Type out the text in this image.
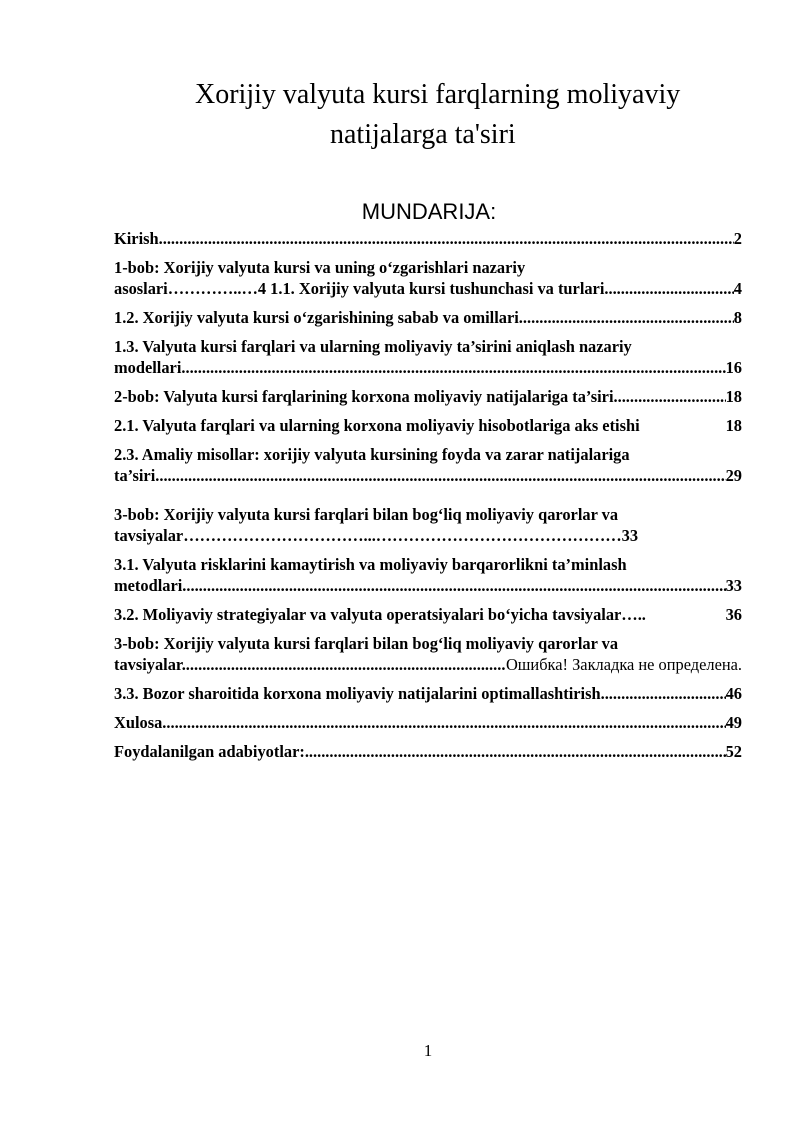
Xorijiy valyuta kursi farqlarning moliyaviy
natijalarga ta'siri
MUNDARIJA:
Kirish .....	2
1-bob: Xorijiy valyuta kursi va uning o‘zgarishlari nazariy
asoslari…………..…4 1.1. Xorijiy valyuta kursi tushunchasi va turlari .....	4
1.2. Xorijiy valyuta kursi o‘zgarishining sabab va omillari .....	8
1.3. Valyuta kursi farqlari va ularning moliyaviy ta’sirini aniqlash nazariy
modellari .....	16
2-bob: Valyuta kursi farqlarining korxona moliyaviy natijalariga ta’siri .....	18
2.1. Valyuta farqlari va ularning korxona moliyaviy hisobotlariga aks etishi	18
2.3. Amaliy misollar: xorijiy valyuta kursining foyda va zarar natijalariga
ta’siri .....	29
3-bob: Xorijiy valyuta kursi farqlari bilan bog‘liq moliyaviy qarorlar va
tavsiyalar……………………………...………………………………………33
3.1. Valyuta risklarini kamaytirish va moliyaviy barqarorlikni ta’minlash
metodlari .....	33
3.2. Moliyaviy strategiyalar va valyuta operatsiyalari bo‘yicha tavsiyalar…..	36
3-bob: Xorijiy valyuta kursi farqlari bilan bog‘liq moliyaviy qarorlar va
tavsiyalar .....	Ошибка! Закладка не определена.
3.3. Bozor sharoitida korxona moliyaviy natijalarini optimallashtirish .....	46
Xulosa .....	49
Foydalanilgan adabiyotlar: .....	52
1
